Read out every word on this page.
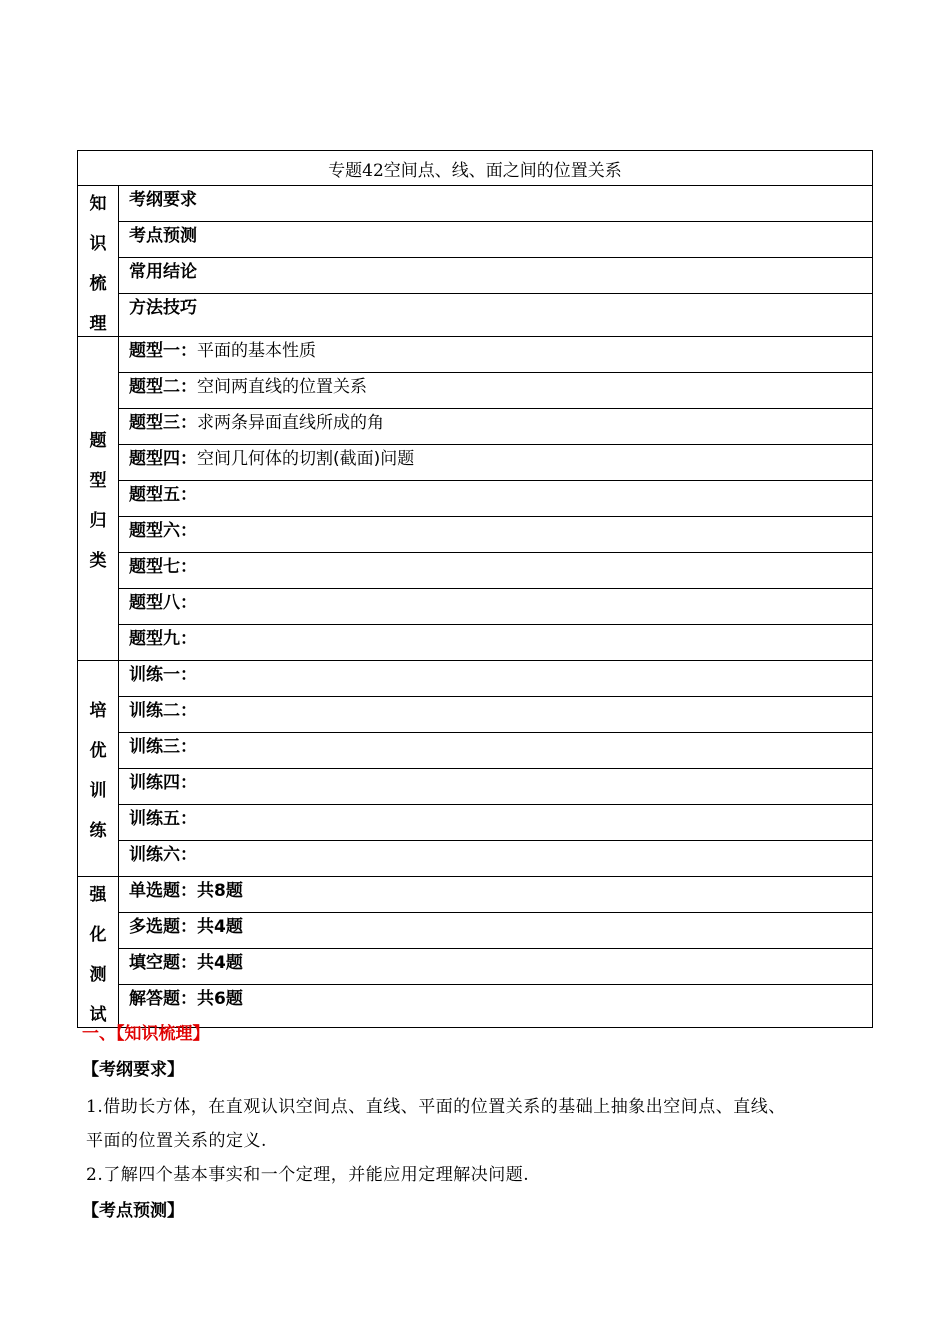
专题42空间点、线、面之间的位置关系	

知
识
梳
理	考纲要求
	考点预测
	常用结论
	方法技巧

题
型
归
类	题型一：平面的基本性质
	题型二：空间两直线的位置关系
	题型三：求两条异面直线所成的角
	题型四：空间几何体的切割(截面)问题
	题型五：
	题型六：
	题型七：
	题型八：
	题型九：

培
优
训
练	训练一：
	训练二：
	训练三：
	训练四：
	训练五：
	训练六：

强
化
测
试	单选题：共8题
	多选题：共4题
	填空题：共4题
	解答题：共6题
一、【知识梳理】
【考纲要求】
1.借助长方体，在直观认识空间点、直线、平面的位置关系的基础上抽象出空间点、直线、
平面的位置关系的定义.
2.了解四个基本事实和一个定理，并能应用定理解决问题.
【考点预测】
